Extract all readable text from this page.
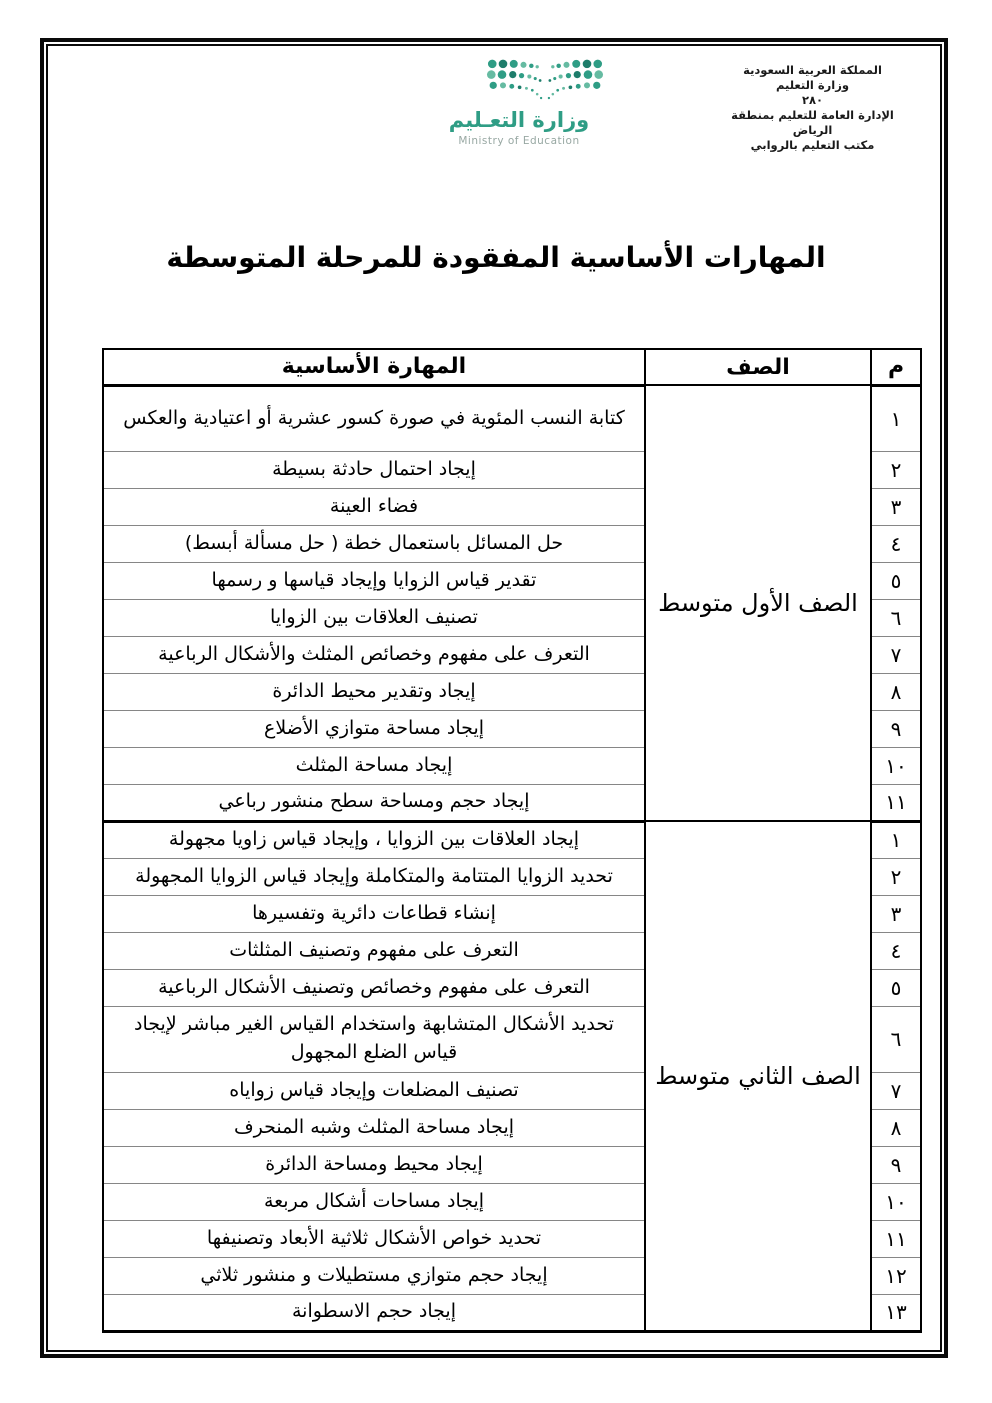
المملكة العربية السعودية
وزارة التعليم
٢٨٠
الإدارة العامة للتعليم بمنطقة الرياض
مكتب التعليم بالروابي
وزارة التعـليم
Ministry of Education
المهارات الأساسية المفقودة للمرحلة المتوسطة
م	الصف	المهارة الأساسية
١	الصف الأول متوسط	كتابة النسب المئوية في صورة كسور عشرية أو اعتيادية والعكس
٢		إيجاد احتمال حادثة بسيطة
٣		فضاء العينة
٤		حل المسائل باستعمال خطة ( حل مسألة أبسط)
٥		تقدير قياس الزوايا وإيجاد قياسها و رسمها
٦		تصنيف العلاقات بين الزوايا
٧		التعرف على مفهوم وخصائص المثلث والأشكال الرباعية
٨		إيجاد وتقدير محيط الدائرة
٩		إيجاد مساحة متوازي الأضلاع
١٠		إيجاد مساحة المثلث
١١		إيجاد حجم ومساحة سطح منشور رباعي
١	الصف الثاني متوسط	إيجاد العلاقات بين الزوايا ، وإيجاد قياس زاويا مجهولة
٢		تحديد الزوايا المتتامة والمتكاملة وإيجاد قياس الزوايا المجهولة
٣		إنشاء قطاعات دائرية وتفسيرها
٤		التعرف على مفهوم وتصنيف المثلثات
٥		التعرف على مفهوم وخصائص وتصنيف الأشكال الرباعية
٦		تحديد الأشكال المتشابهة واستخدام القياس الغير مباشر لإيجاد قياس الضلع المجهول
٧		تصنيف المضلعات وإيجاد قياس زواياه
٨		إيجاد مساحة المثلث وشبه المنحرف
٩		إيجاد محيط ومساحة الدائرة
١٠		إيجاد مساحات أشكال مربعة
١١		تحديد خواص الأشكال ثلاثية الأبعاد وتصنيفها
١٢		إيجاد حجم متوازي مستطيلات و منشور ثلاثي
١٣		إيجاد حجم الاسطوانة
